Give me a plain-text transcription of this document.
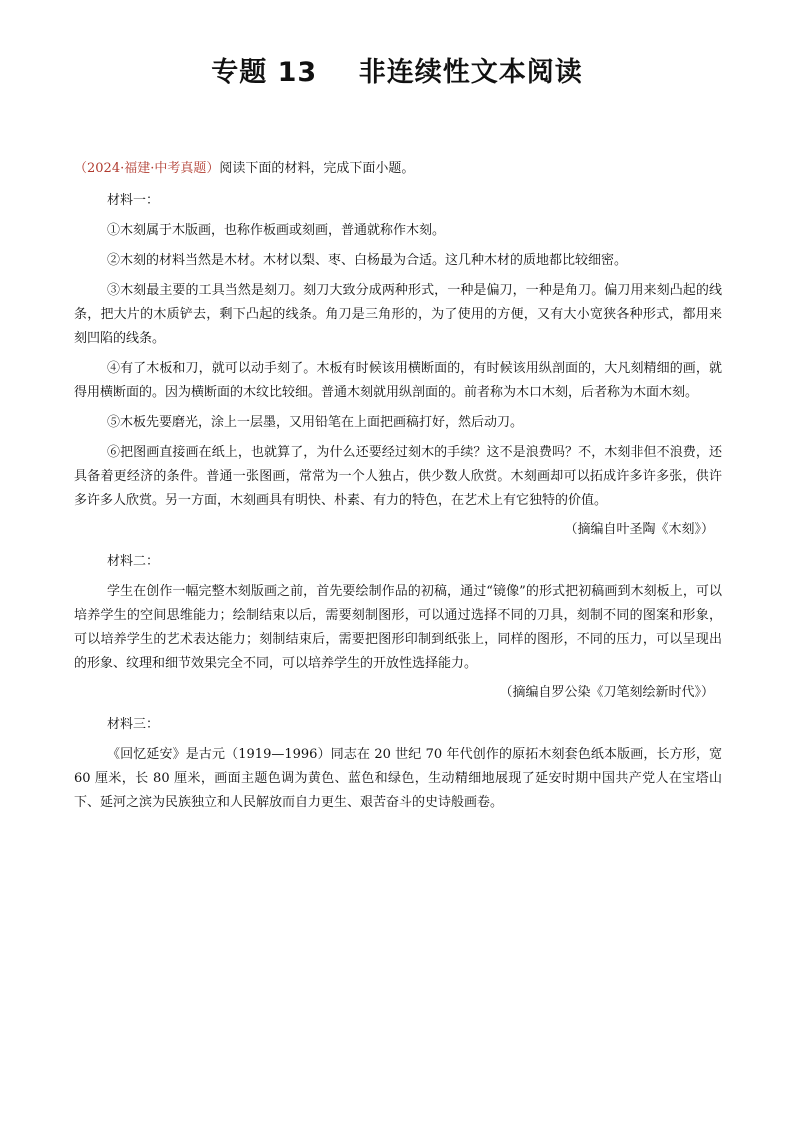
专题 13    非连续性文本阅读

（2024·福建·中考真题）阅读下面的材料，完成下面小题。

材料一：

①木刻属于木版画，也称作板画或刻画，普通就称作木刻。

②木刻的材料当然是木材。木材以梨、枣、白杨最为合适。这几种木材的质地都比较细密。

③木刻最主要的工具当然是刻刀。刻刀大致分成两种形式，一种是偏刀，一种是角刀。偏刀用来刻凸起的线条，把大片的木质铲去，剩下凸起的线条。角刀是三角形的，为了使用的方便，又有大小宽狭各种形式，都用来刻凹陷的线条。

④有了木板和刀，就可以动手刻了。木板有时候该用横断面的，有时候该用纵剖面的，大凡刻精细的画，就得用横断面的。因为横断面的木纹比较细。普通木刻就用纵剖面的。前者称为木口木刻，后者称为木面木刻。

⑤木板先要磨光，涂上一层墨，又用铅笔在上面把画稿打好，然后动刀。

⑥把图画直接画在纸上，也就算了，为什么还要经过刻木的手续？这不是浪费吗？不，木刻非但不浪费，还具备着更经济的条件。普通一张图画，常常为一个人独占，供少数人欣赏。木刻画却可以拓成许多许多张，供许多许多人欣赏。另一方面，木刻画具有明快、朴素、有力的特色，在艺术上有它独特的价值。

（摘编自叶圣陶《木刻》）

材料二：

学生在创作一幅完整木刻版画之前，首先要绘制作品的初稿，通过“镜像”的形式把初稿画到木刻板上，可以培养学生的空间思维能力；绘制结束以后，需要刻制图形，可以通过选择不同的刀具，刻制不同的图案和形象，可以培养学生的艺术表达能力；刻制结束后，需要把图形印制到纸张上，同样的图形，不同的压力，可以呈现出的形象、纹理和细节效果完全不同，可以培养学生的开放性选择能力。

（摘编自罗公染《刀笔刻绘新时代》）

材料三：

《回忆延安》是古元（1919—1996）同志在 20 世纪 70 年代创作的原拓木刻套色纸本版画，长方形，宽 60 厘米，长 80 厘米，画面主题色调为黄色、蓝色和绿色，生动精细地展现了延安时期中国共产党人在宝塔山下、延河之滨为民族独立和人民解放而自力更生、艰苦奋斗的史诗般画卷。
